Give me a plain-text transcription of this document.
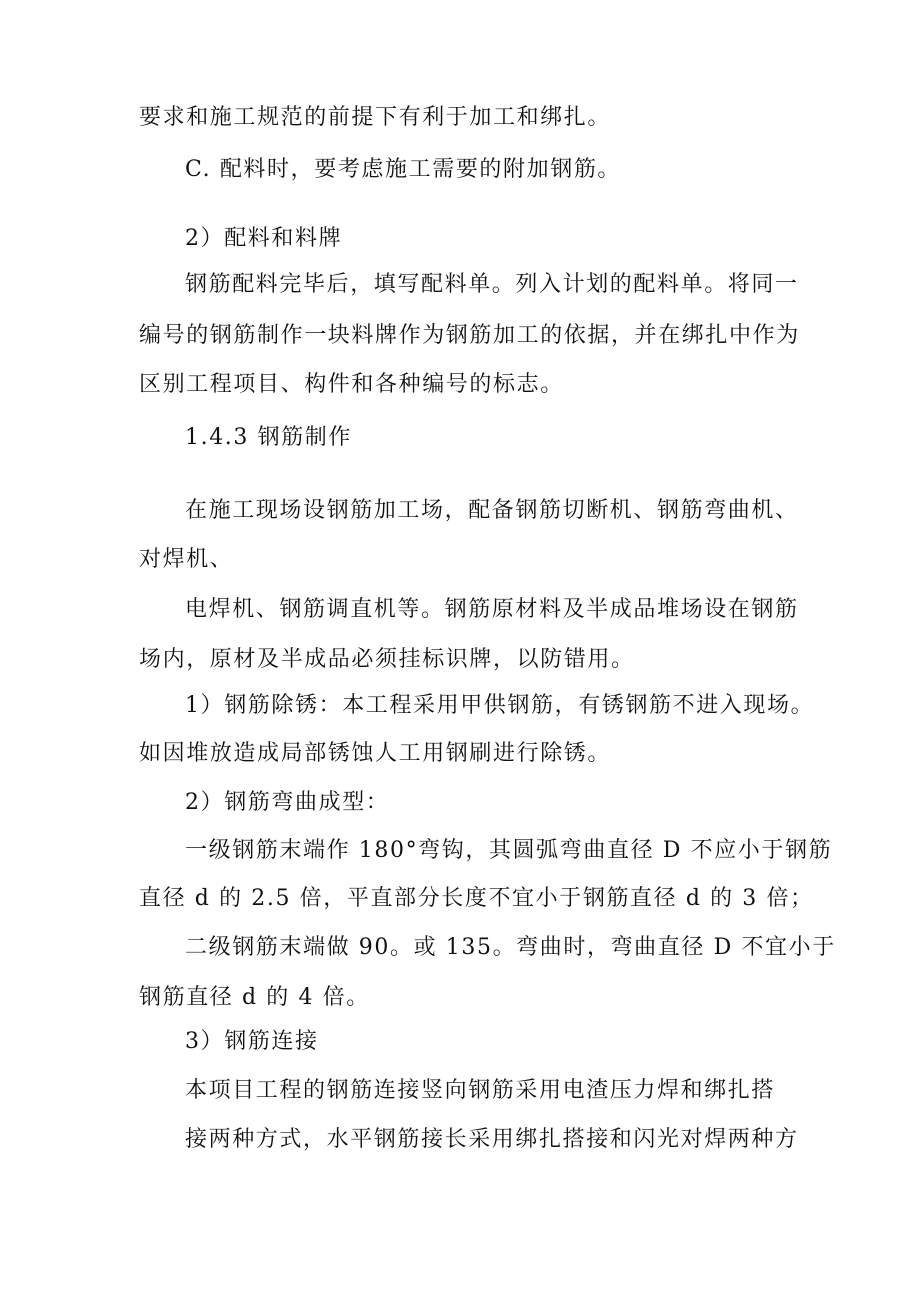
要求和施工规范的前提下有利于加工和绑扎。
C. 配料时，要考虑施工需要的附加钢筋。
2）配料和料牌
钢筋配料完毕后，填写配料单。列入计划的配料单。将同一
编号的钢筋制作一块料牌作为钢筋加工的依据，并在绑扎中作为
区别工程项目、构件和各种编号的标志。
1.4.3 钢筋制作
在施工现场设钢筋加工场，配备钢筋切断机、钢筋弯曲机、
对焊机、
电焊机、钢筋调直机等。钢筋原材料及半成品堆场设在钢筋
场内，原材及半成品必须挂标识牌，以防错用。
1）钢筋除锈：本工程采用甲供钢筋，有锈钢筋不进入现场。
如因堆放造成局部锈蚀人工用钢刷进行除锈。
2）钢筋弯曲成型：
一级钢筋末端作 180°弯钩，其圆弧弯曲直径 D 不应小于钢筋
直径 d 的 2.5 倍，平直部分长度不宜小于钢筋直径 d 的 3 倍；
二级钢筋末端做 90。或 135。弯曲时，弯曲直径 D 不宜小于
钢筋直径 d 的 4 倍。
3）钢筋连接
本项目工程的钢筋连接竖向钢筋采用电渣压力焊和绑扎搭
接两种方式，水平钢筋接长采用绑扎搭接和闪光对焊两种方
